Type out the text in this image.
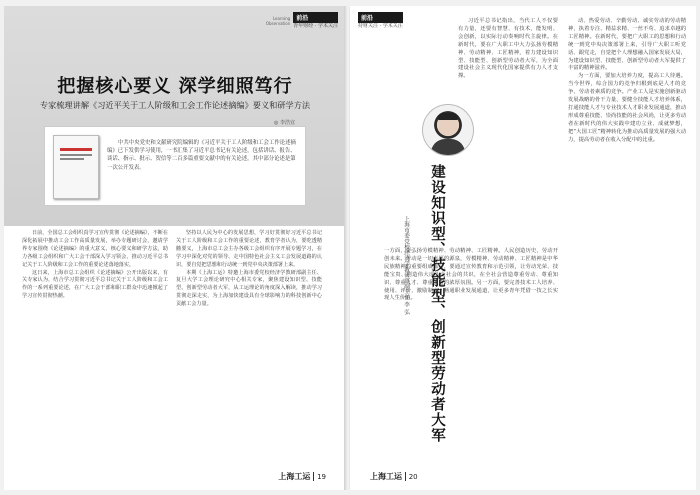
Learning
Observation
前沿
青年财经 · 学术关注
把握核心要义 深学细照笃行
专家梳理讲解《习近平关于工人阶级和工会工作论述摘编》要义和研学方法
◎ 李浩宜
中共中央党史和文献研究院编辑的《习近平关于工人阶级和工会工作论述摘编》已下发供学习使用，一书汇集了习近平总书记有关论述，包括讲话、报告、谈话、指示、批示、贺信等二百多篇重要文献中的有关论述。其中部分论述是第一次公开发表。

日前，全国总工会组织真学习宣传贯彻《论述摘编》，不断在深化拓展中推动工会工作高质量发展，举办专题研讨会，邀请学界专家围绕《论述摘编》的重大意义、核心要义和研学方法，助力各级工会组织和广大工会干部深入学习领会，推动习近平总书记关于工人阶级和工会工作的重要论述落地落实。

这日来，上海市总工会组织《论述摘编》公开出版以来，有关专家认为，结合学习贯彻习近平总书记关于工人阶级和工会工作的一系列重要论述，在广大工会干部和职工群众中迅速掀起了学习宣传贯彻热潮。

坚持以人民为中心的发展思想，学习好贯彻好习近平总书记关于工人阶级和工会工作的重要论述，教育学者认为，要吃透精髓要义，上海市总工会主办各级工会组织有序开展专题学习，在学习中深化对党的领导、走中国特色社会主义工会发展道路的认识，要自觉把思想和行动统一到党中央决策部署上来。

本期《上海工运》特邀上海市委党校经济学教研部副主任、复旦大学工会理论研究中心相关专家，聚焦建设知识型、技能型、创新型劳动者大军，从工运理论的角度深入解读，推动学习贯彻走深走实，为上海加快建设具有全球影响力的科技创新中心贡献工会力量。

上海工运 19
前沿
持财关注 · 学术关注
建设知识型、技能型、创新型劳动者大军
上海市委党校经济学教研部副主任 李 弘

习近平总书记指出，当代工人不仅要有力量，还要有智慧、有技术，能发明、会创新，以实际行动奏响时代主旋律。在新时代，要在广大职工中大力弘扬劳模精神、劳动精神、工匠精神，着力建设知识型、技能型、创新型劳动者大军，为全面建设社会主义现代化国家提供有力人才支撑。

一方面，要弘扬劳模精神、劳动精神、工匠精神。人民创造历史，劳动开创未来。劳动是一切幸福的源泉，劳模精神、劳动精神、工匠精神是中华民族精神的重要组成部分，要通过宣传教育和示范引领，让劳动光荣、技能宝贵、创造伟大成为全社会的共识，在全社会营造尊重劳动、尊重知识、尊重人才、尊重创造的浓厚氛围。另一方面，要完善技术工人培养、使用、评价、激励制度，畅通职业发展通道，让更多青年凭借一技之长实现人生价值。

动、热爱劳动、辛勤劳动、诚实劳动的劳动精神，执着专注、精益求精、一丝不苟、追求卓越的工匠精神。在新时代，要把广大职工的思想和行动统一到党中央决策部署上来，引导广大职工听党话、跟党走，自觉把个人理想融入国家发展大局，为建设知识型、技能型、创新型劳动者大军提供了丰富的精神滋养。

为一方面，要加大培养力度，提高工人待遇。当今世界，综合国力的竞争归根到底是人才的竞争、劳动者素质的竞争。产业工人是实施创新驱动发展战略的骨干力量，要健全技能人才培养体系，打通技能人才与专业技术人才职业发展通道，推动形成尊重技能、崇尚技能的社会风尚，让更多劳动者在新时代的伟大实践中建功立业、成就梦想，把“大国工匠”精神转化为推动高质量发展的强大动力，提高劳动者在收入分配中的比重。

上海工运 20
